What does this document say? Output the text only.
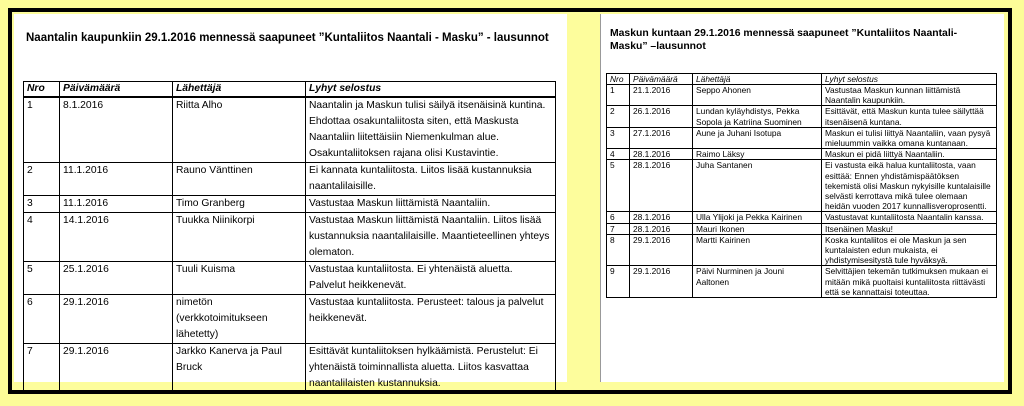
Naantalin kaupunkiin 29.1.2016 mennessä saapuneet ”Kuntaliitos Naantali - Masku” - lausunnot
Nro	Päivämäärä	Lähettäjä	Lyhyt selostus

1	8.1.2016	Riitta Alho	Naantalin ja Maskun tulisi säilyä itsenäisinä kuntina. Ehdottaa osakuntaliitosta siten, että Maskusta Naantaliin liitettäisiin Niemenkulman alue. Osakuntaliitoksen rajana olisi Kustavintie.
2	11.1.2016	Rauno Vänttinen	Ei kannata kuntaliitosta. Liitos lisää kustannuksia naantalilaisille.
3	11.1.2016	Timo Granberg	Vastustaa Maskun liittämistä Naantaliin.
4	14.1.2016	Tuukka Niinikorpi	Vastustaa Maskun liittämistä Naantaliin. Liitos lisää kustannuksia naantalilaisille. Maantieteellinen yhteys olematon.
5	25.1.2016	Tuuli Kuisma	Vastustaa kuntaliitosta. Ei yhtenäistä aluetta. Palvelut heikkenevät.
6	29.1.2016	nimetön (verkkotoimitukseen lähetetty)	Vastustaa kuntaliitosta. Perusteet: talous ja palvelut heikkenevät.
7	29.1.2016	Jarkko Kanerva ja Paul Bruck	Esittävät kuntaliitoksen hylkäämistä. Perustelut: Ei yhtenäistä toiminnallista aluetta. Liitos kasvattaa naantalilaisten kustannuksia.
Maskun kuntaan 29.1.2016 mennessä saapuneet ”Kuntaliitos Naantali-Masku” –lausunnot
Nro	Päivämäärä	Lähettäjä	Lyhyt selostus
1	21.1.2016	Seppo Ahonen	Vastustaa Maskun kunnan liittämistä Naantalin kaupunkiin.
2	26.1.2016	Lundan kyläyhdistys, Pekka Sopola ja Katriina Suominen	Esittävät, että Maskun kunta tulee säilyttää itsenäisenä kuntana.
3	27.1.2016	Aune ja Juhani Isotupa	Maskun ei tulisi liittyä Naantaliin, vaan pysyä mieluummin vaikka omana kuntanaan.
4	28.1.2016	Raimo Läksy	Maskun ei pidä liittyä Naantaliin.
5	28.1.2016	Juha Santanen	Ei vastusta eikä halua kuntaliitosta, vaan esittää: Ennen yhdistämispäätöksen tekemistä olisi Maskun nykyisille kuntalaisille selvästi kerrottava mikä tulee olemaan heidän vuoden 2017 kunnallisveroprosentti.
6	28.1.2016	Ulla Ylijoki ja Pekka Kairinen	Vastustavat kuntaliitosta Naantalin kanssa.
7	28.1.2016	Mauri Ikonen	Itsenäinen Masku!
8	29.1.2016	Martti Kairinen	Koska kuntaliitos ei ole Maskun ja sen kuntalaisten edun mukaista, ei yhdistymisesitystä tule hyväksyä.
9	29.1.2016	Päivi Nurminen ja Jouni Aaltonen	Selvittäjien tekemän tutkimuksen mukaan ei mitään mikä puoltaisi kuntaliitosta riittävästi että se kannattaisi toteuttaa.
